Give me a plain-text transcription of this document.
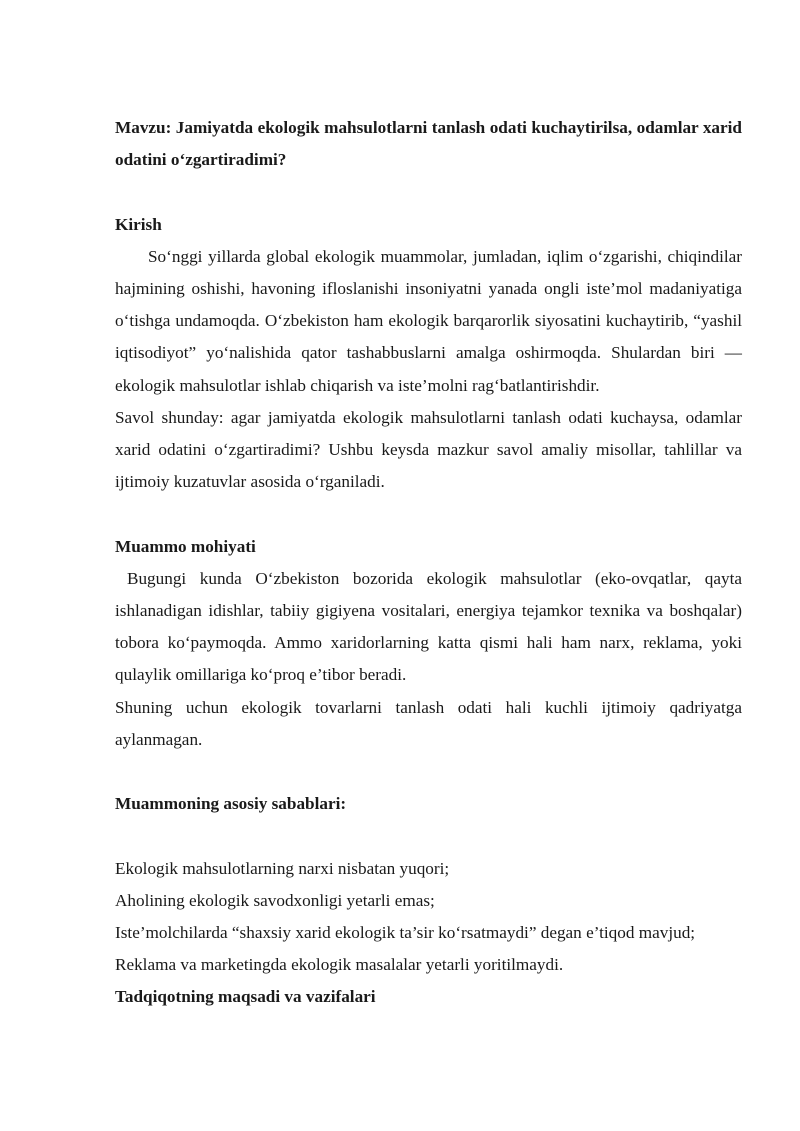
Mavzu: Jamiyatda ekologik mahsulotlarni tanlash odati kuchaytirilsa, odamlar xarid odatini o‘zgartiradimi?

Kirish

So‘nggi yillarda global ekologik muammolar, jumladan, iqlim o‘zgarishi, chiqindilar hajmining oshishi, havoning ifloslanishi insoniyatni yanada ongli iste’mol madaniyatiga o‘tishga undamoqda. O‘zbekiston ham ekologik barqarorlik siyosatini kuchaytirib, “yashil iqtisodiyot” yo‘nalishida qator tashabbuslarni amalga oshirmoqda. Shulardan biri — ekologik mahsulotlar ishlab chiqarish va iste’molni rag‘batlantirishdir.

Savol shunday: agar jamiyatda ekologik mahsulotlarni tanlash odati kuchaysa, odamlar xarid odatini o‘zgartiradimi? Ushbu keysda mazkur savol amaliy misollar, tahlillar va ijtimoiy kuzatuvlar asosida o‘rganiladi.

Muammo mohiyati

Bugungi kunda O‘zbekiston bozorida ekologik mahsulotlar (eko-ovqatlar, qayta ishlanadigan idishlar, tabiiy gigiyena vositalari, energiya tejamkor texnika va boshqalar) tobora ko‘paymoqda. Ammo xaridorlarning katta qismi hali ham narx, reklama, yoki qulaylik omillariga ko‘proq e’tibor beradi.

Shuning uchun ekologik tovarlarni tanlash odati hali kuchli ijtimoiy qadriyatga aylanmagan.

Muammoning asosiy sabablari:

Ekologik mahsulotlarning narxi nisbatan yuqori;
Aholining ekologik savodxonligi yetarli emas;
Iste’molchilarda “shaxsiy xarid ekologik ta’sir ko‘rsatmaydi” degan e’tiqod mavjud;
Reklama va marketingda ekologik masalalar yetarli yoritilmaydi.

Tadqiqotning maqsadi va vazifalari
